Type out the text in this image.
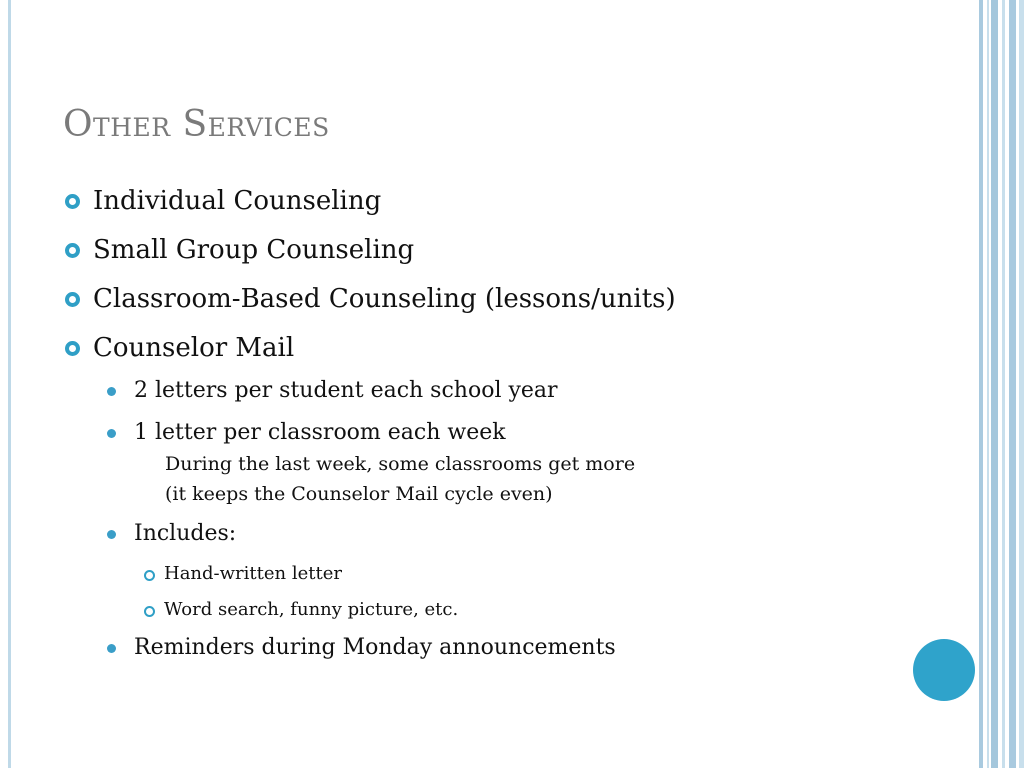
Other Services
Individual Counseling
Small Group Counseling
Classroom-Based Counseling (lessons/units)
Counselor Mail
2 letters per student each school year
1 letter per classroom each week
During the last week, some classrooms get more
(it keeps the Counselor Mail cycle even)
Includes:
Hand-written letter
Word search, funny picture, etc.
Reminders during Monday announcements
